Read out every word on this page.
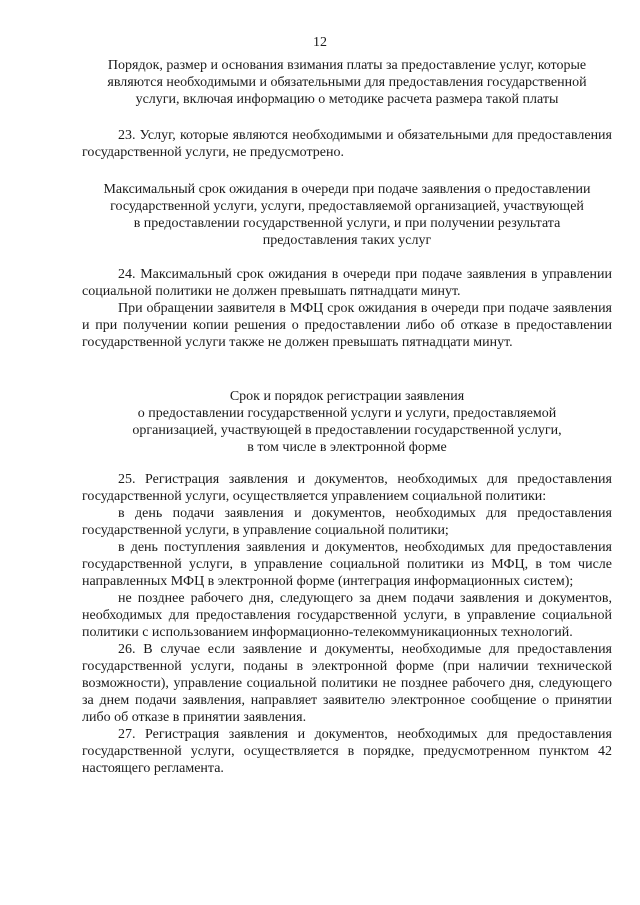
12
Порядок, размер и основания взимания платы за предоставление услуг, которые
являются необходимыми и обязательными для предоставления государственной
услуги, включая информацию о методике расчета размера такой платы

23. Услуг, которые являются необходимыми и обязательными для предоставления государственной услуги, не предусмотрено.

Максимальный срок ожидания в очереди при подаче заявления о предоставлении
государственной услуги, услуги, предоставляемой организацией, участвующей
в предоставлении государственной услуги, и при получении результата
предоставления таких услуг

24. Максимальный срок ожидания в очереди при подаче заявления в управлении социальной политики не должен превышать пятнадцати минут.

При обращении заявителя в МФЦ срок ожидания в очереди при подаче заявления и при получении копии решения о предоставлении либо об отказе в предоставлении государственной услуги также не должен превышать пятнадцати минут.

Срок и порядок регистрации заявления
о предоставлении государственной услуги и услуги, предоставляемой
организацией, участвующей в предоставлении государственной услуги,
в том числе в электронной форме

25. Регистрация заявления и документов, необходимых для предоставления государственной услуги, осуществляется управлением социальной политики:

в день подачи заявления и документов, необходимых для предоставления государственной услуги, в управление социальной политики;

в день поступления заявления и документов, необходимых для предоставления государственной услуги, в управление социальной политики из МФЦ, в том числе направленных МФЦ в электронной форме (интеграция информационных систем);

не позднее рабочего дня, следующего за днем подачи заявления и документов, необходимых для предоставления государственной услуги, в управление социальной политики с использованием информационно-телекоммуникационных технологий.

26. В случае если заявление и документы, необходимые для предоставления государственной услуги, поданы в электронной форме (при наличии технической возможности), управление социальной политики не позднее рабочего дня, следующего за днем подачи заявления, направляет заявителю электронное сообщение о принятии либо об отказе в принятии заявления.

27. Регистрация заявления и документов, необходимых для предоставления государственной услуги, осуществляется в порядке, предусмотренном пунктом 42 настоящего регламента.
